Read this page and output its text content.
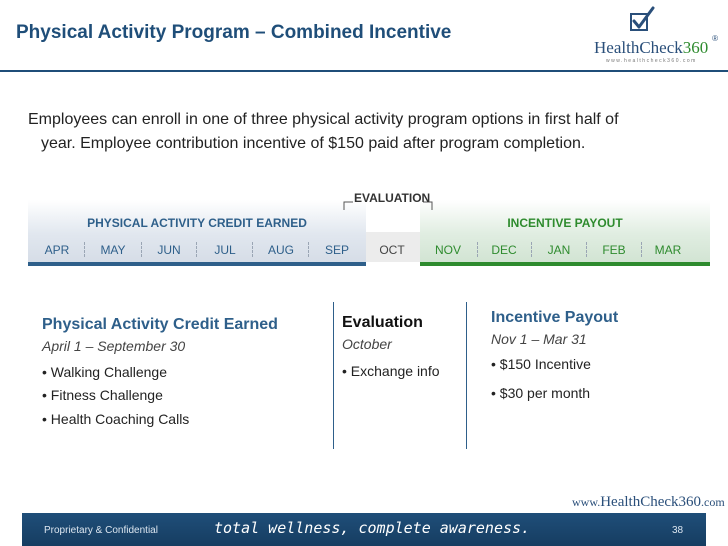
Physical Activity Program – Combined Incentive
HealthCheck360 ®
www.healthcheck360.com
Employees can enroll in one of three physical activity program options in first half of
year. Employee contribution incentive of $150 paid after program completion.
EVALUATION
PHYSICAL ACTIVITY CREDIT EARNED	INCENTIVE PAYOUT
APR	MAY	JUN	JUL	AUG	SEP	OCT	NOV	DEC	JAN	FEB	MAR
Physical Activity Credit Earned
April 1 – September 30
• Walking Challenge
• Fitness Challenge
• Health Coaching Calls
Evaluation
October
• Exchange info
Incentive Payout
Nov 1 – Mar 31
• $150 Incentive
• $30 per month
www.HealthCheck360.com
Proprietary & Confidential	total wellness, complete awareness.	38
